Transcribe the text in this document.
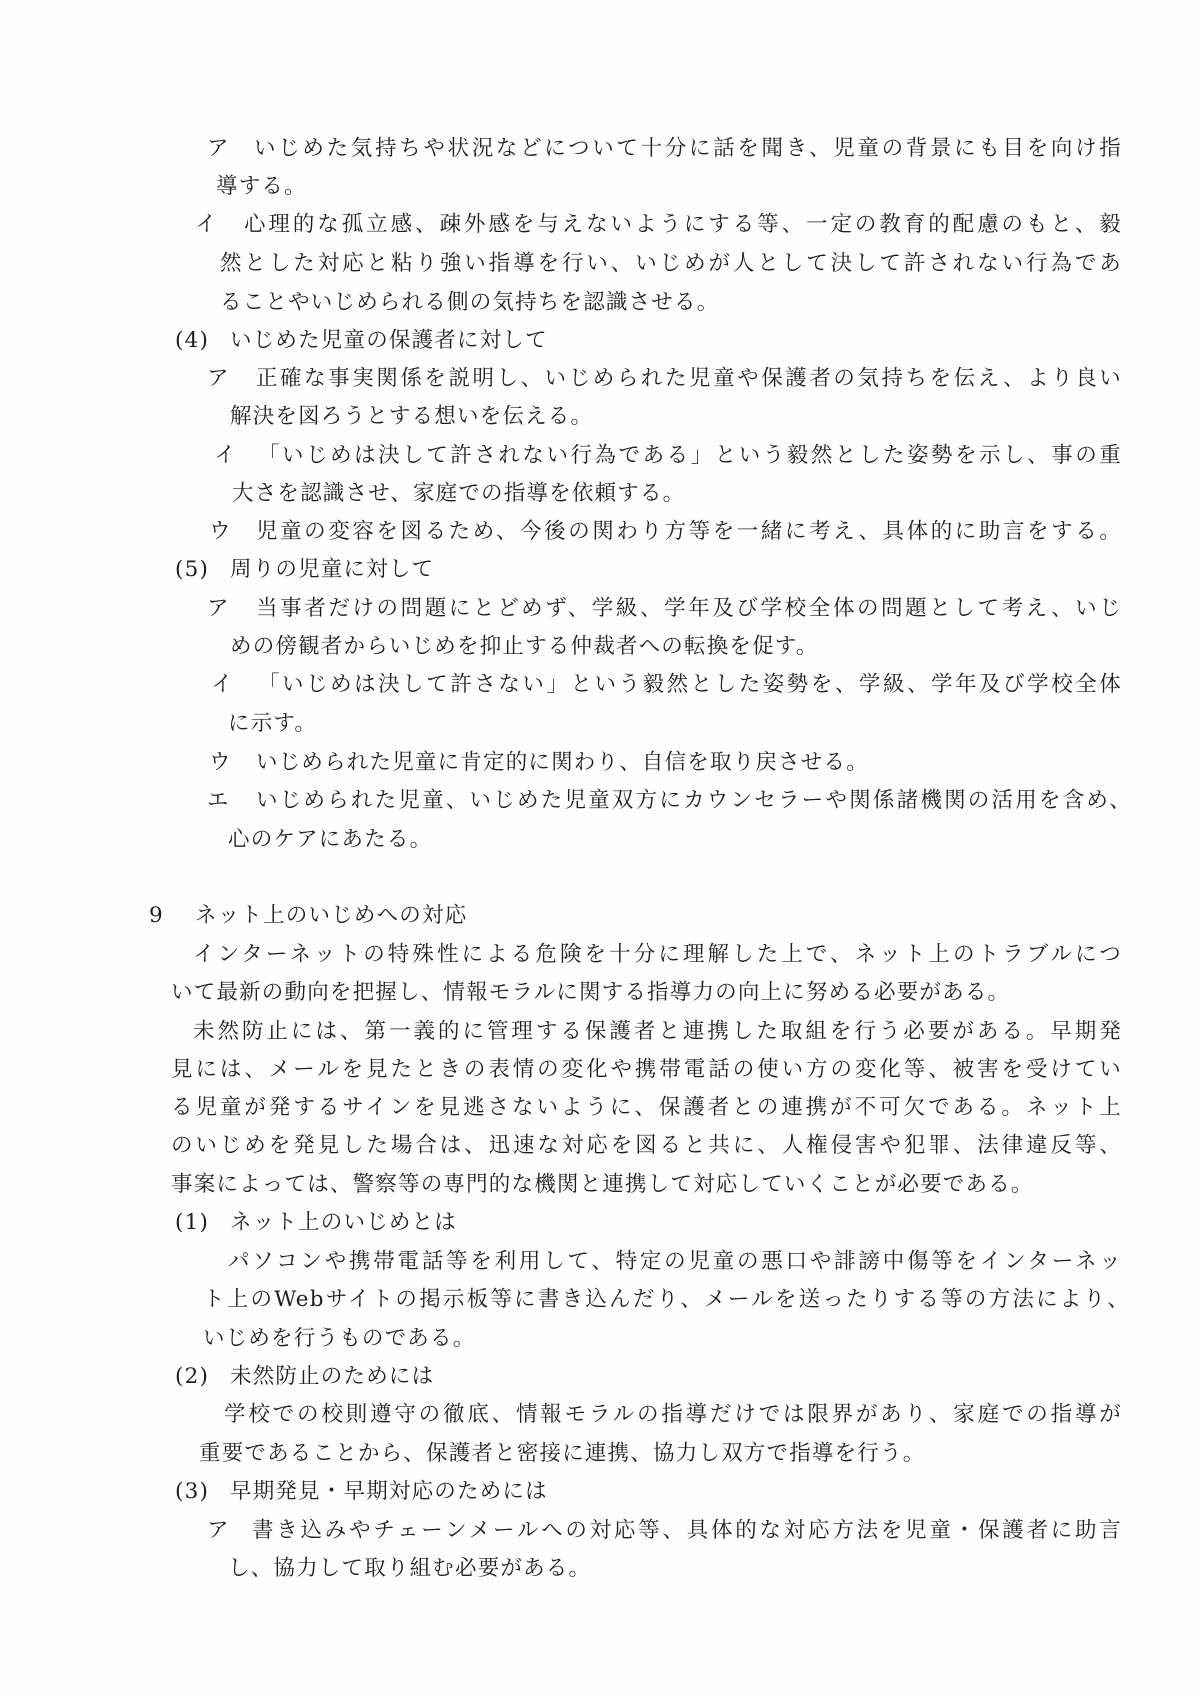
ア いじめた気持ちや状況などについて十分に話を聞き、児童の背景にも目を向け指
導する。
イ 心理的な孤立感、疎外感を与えないようにする等、一定の教育的配慮のもと、毅
然とした対応と粘り強い指導を行い、いじめが人として決して許されない行為であ
ることやいじめられる側の気持ちを認識させる。
(4) いじめた児童の保護者に対して
ア 正確な事実関係を説明し、いじめられた児童や保護者の気持ちを伝え、より良い
解決を図ろうとする想いを伝える。
イ 「いじめは決して許されない行為である」という毅然とした姿勢を示し、事の重
大さを認識させ、家庭での指導を依頼する。
ウ 児童の変容を図るため、今後の関わり方等を一緒に考え、具体的に助言をする。
(5) 周りの児童に対して
ア 当事者だけの問題にとどめず、学級、学年及び学校全体の問題として考え、いじ
めの傍観者からいじめを抑止する仲裁者への転換を促す。
イ 「いじめは決して許さない」という毅然とした姿勢を、学級、学年及び学校全体
に示す。
ウ いじめられた児童に肯定的に関わり、自信を取り戻させる。
エ いじめられた児童、いじめた児童双方にカウンセラーや関係諸機関の活用を含め、
心のケアにあたる。
9 ネット上のいじめへの対応
インターネットの特殊性による危険を十分に理解した上で、ネット上のトラブルにつ
いて最新の動向を把握し、情報モラルに関する指導力の向上に努める必要がある。
未然防止には、第一義的に管理する保護者と連携した取組を行う必要がある。早期発
見には、メールを見たときの表情の変化や携帯電話の使い方の変化等、被害を受けてい
る児童が発するサインを見逃さないように、保護者との連携が不可欠である。ネット上
のいじめを発見した場合は、迅速な対応を図ると共に、人権侵害や犯罪、法律違反等、
事案によっては、警察等の専門的な機関と連携して対応していくことが必要である。
(1) ネット上のいじめとは
パソコンや携帯電話等を利用して、特定の児童の悪口や誹謗中傷等をインターネッ
ト上のWebサイトの掲示板等に書き込んだり、メールを送ったりする等の方法により、
いじめを行うものである。
(2) 未然防止のためには
学校での校則遵守の徹底、情報モラルの指導だけでは限界があり、家庭での指導が
重要であることから、保護者と密接に連携、協力し双方で指導を行う。
(3) 早期発見・早期対応のためには
ア 書き込みやチェーンメールへの対応等、具体的な対応方法を児童・保護者に助言
し、協力して取り組む必要がある。
